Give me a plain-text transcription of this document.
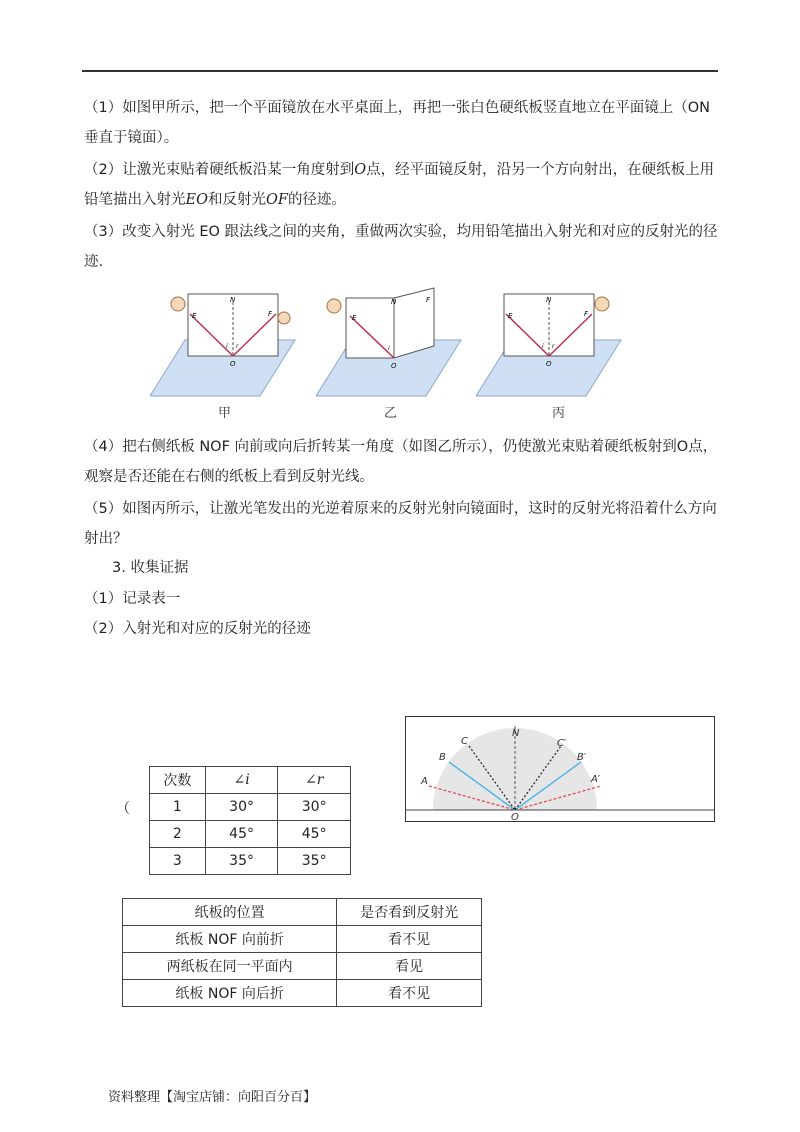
（1）如图甲所示，把一个平面镜放在水平桌面上，再把一张白色硬纸板竖直地立在平面镜上（ON垂直于镜面）。

（2）让激光束贴着硬纸板沿某一角度射到O点，经平面镜反射，沿另一个方向射出，在硬纸板上用铅笔描出入射光EO和反射光OF的径迹。

（3）改变入射光 EO 跟法线之间的夹角，重做两次实验，均用铅笔描出入射光和对应的反射光的径迹.

N
E	F
i r
O
甲
N
E
F
i
O
乙
N
E	F
i r
O
丙

（4）把右侧纸板 NOF 向前或向后折转某一角度（如图乙所示），仍使激光束贴着硬纸板射到O点，观察是否还能在右侧的纸板上看到反射光线。

（5）如图丙所示，让激光笔发出的光逆着原来的反射光射向镜面时，这时的反射光将沿着什么方向射出？

3. 收集证据

（1）记录表一

（2）入射光和对应的反射光的径迹

A
B
C
N
C′
B′
A′
O
（
次数	∠i	∠r
1	30°	30°
2	45°	45°
3	35°	35°
纸板的位置	是否看到反射光
纸板 NOF 向前折	看不见
两纸板在同一平面内	看见
纸板 NOF 向后折	看不见
资料整理【淘宝店铺：向阳百分百】
